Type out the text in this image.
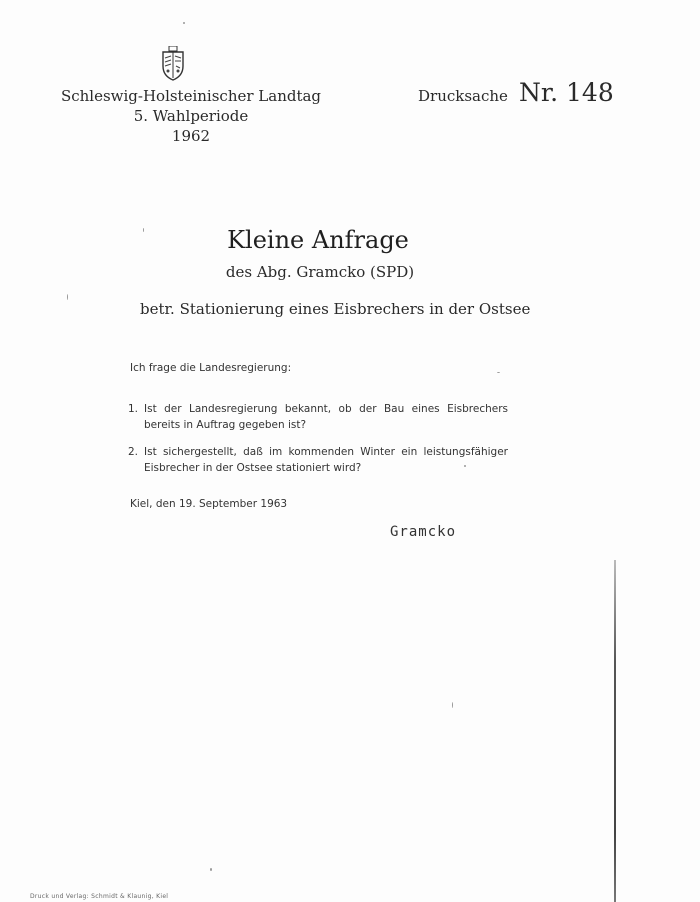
Schleswig-Holsteinischer Landtag
5. Wahlperiode
1962
Drucksache Nr. 148
Kleine Anfrage
des Abg. Gramcko (SPD)
betr. Stationierung eines Eisbrechers in der Ostsee
Ich frage die Landesregierung:
1. Ist der Landesregierung bekannt, ob der Bau eines Eisbrechers bereits in Auftrag gegeben ist?
2. Ist sichergestellt, daß im kommenden Winter ein leistungsfähiger Eisbrecher in der Ostsee stationiert wird?
Kiel, den 19. September 1963
Gramcko
Druck und Verlag: Schmidt & Klaunig, Kiel
